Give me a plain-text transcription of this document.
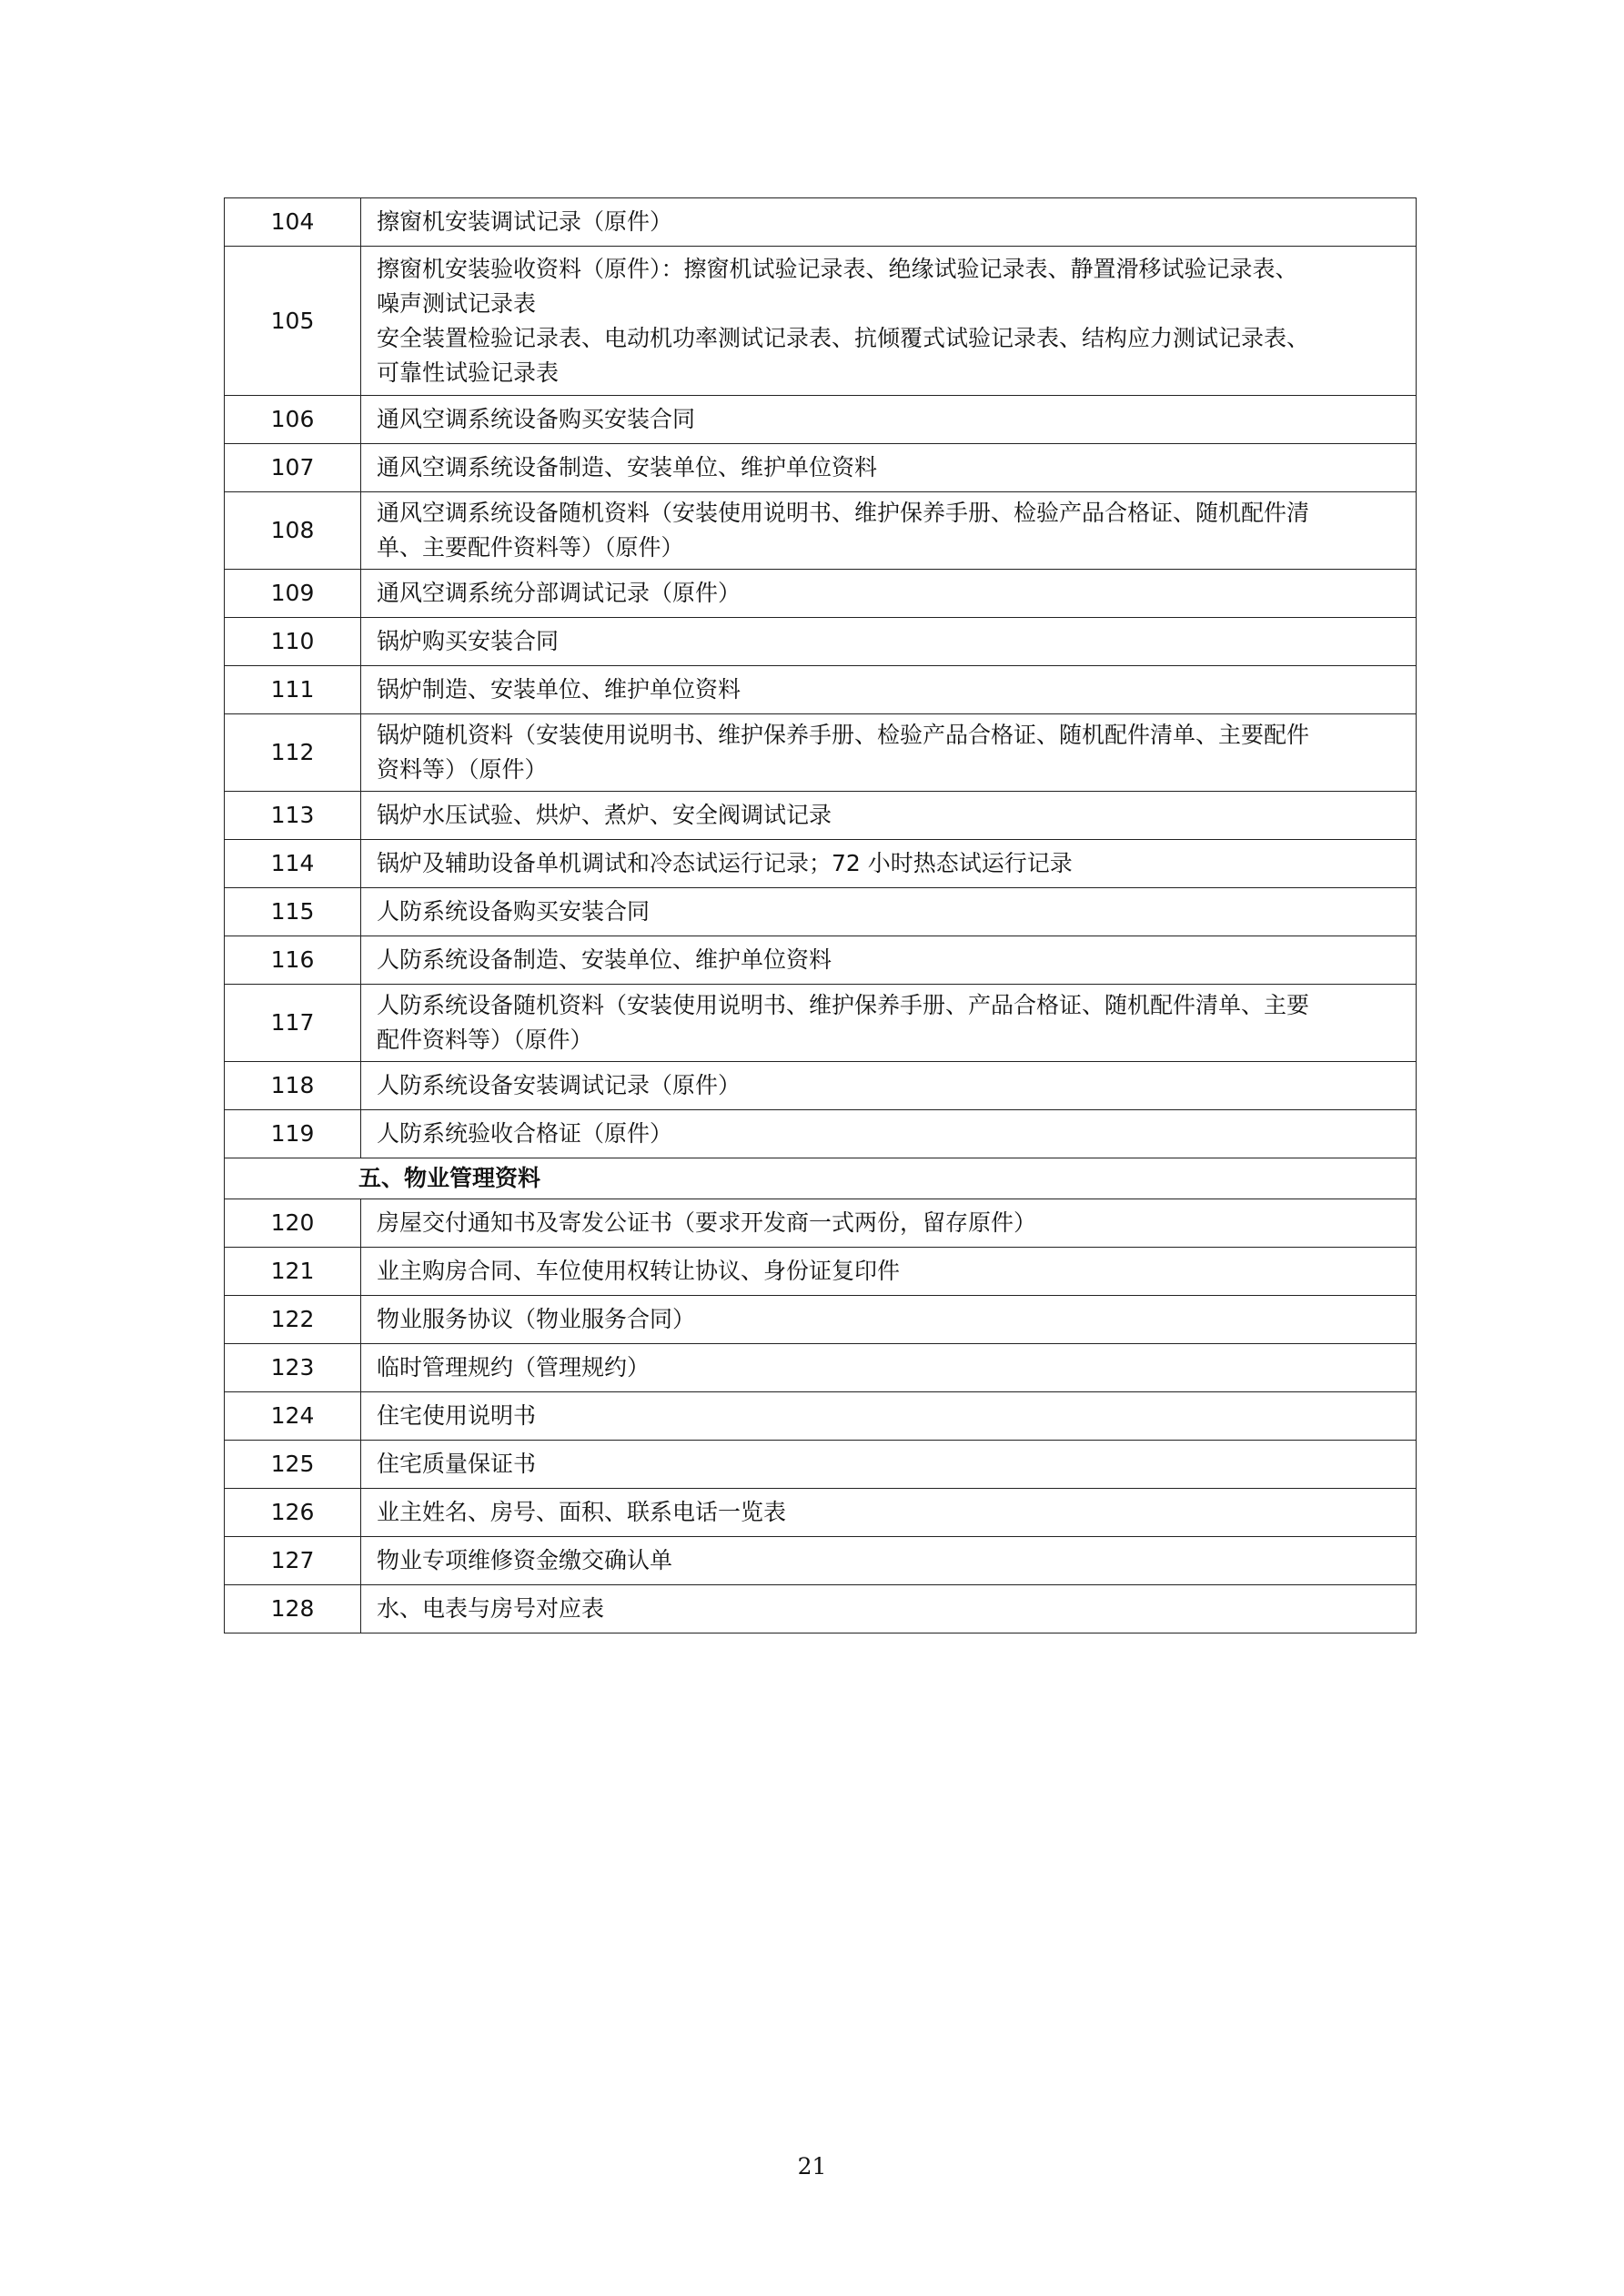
104	擦窗机安装调试记录（原件）
105	擦窗机安装验收资料（原件）：擦窗机试验记录表、绝缘试验记录表、静置滑移试验记录表、
噪声测试记录表
安全装置检验记录表、电动机功率测试记录表、抗倾覆式试验记录表、结构应力测试记录表、
可靠性试验记录表
106	通风空调系统设备购买安装合同
107	通风空调系统设备制造、安装单位、维护单位资料
108	通风空调系统设备随机资料（安装使用说明书、维护保养手册、检验产品合格证、随机配件清
单、主要配件资料等）（原件）
109	通风空调系统分部调试记录（原件）
110	锅炉购买安装合同
111	锅炉制造、安装单位、维护单位资料
112	锅炉随机资料（安装使用说明书、维护保养手册、检验产品合格证、随机配件清单、主要配件
资料等）（原件）
113	锅炉水压试验、烘炉、煮炉、安全阀调试记录
114	锅炉及辅助设备单机调试和冷态试运行记录；72 小时热态试运行记录
115	人防系统设备购买安装合同
116	人防系统设备制造、安装单位、维护单位资料
117	人防系统设备随机资料（安装使用说明书、维护保养手册、产品合格证、随机配件清单、主要
配件资料等）（原件）
118	人防系统设备安装调试记录（原件）
119	人防系统验收合格证（原件）
五、物业管理资料	
120	房屋交付通知书及寄发公证书（要求开发商一式两份，留存原件）
121	业主购房合同、车位使用权转让协议、身份证复印件
122	物业服务协议（物业服务合同）
123	临时管理规约（管理规约）
124	住宅使用说明书
125	住宅质量保证书
126	业主姓名、房号、面积、联系电话一览表
127	物业专项维修资金缴交确认单
128	水、电表与房号对应表
21
